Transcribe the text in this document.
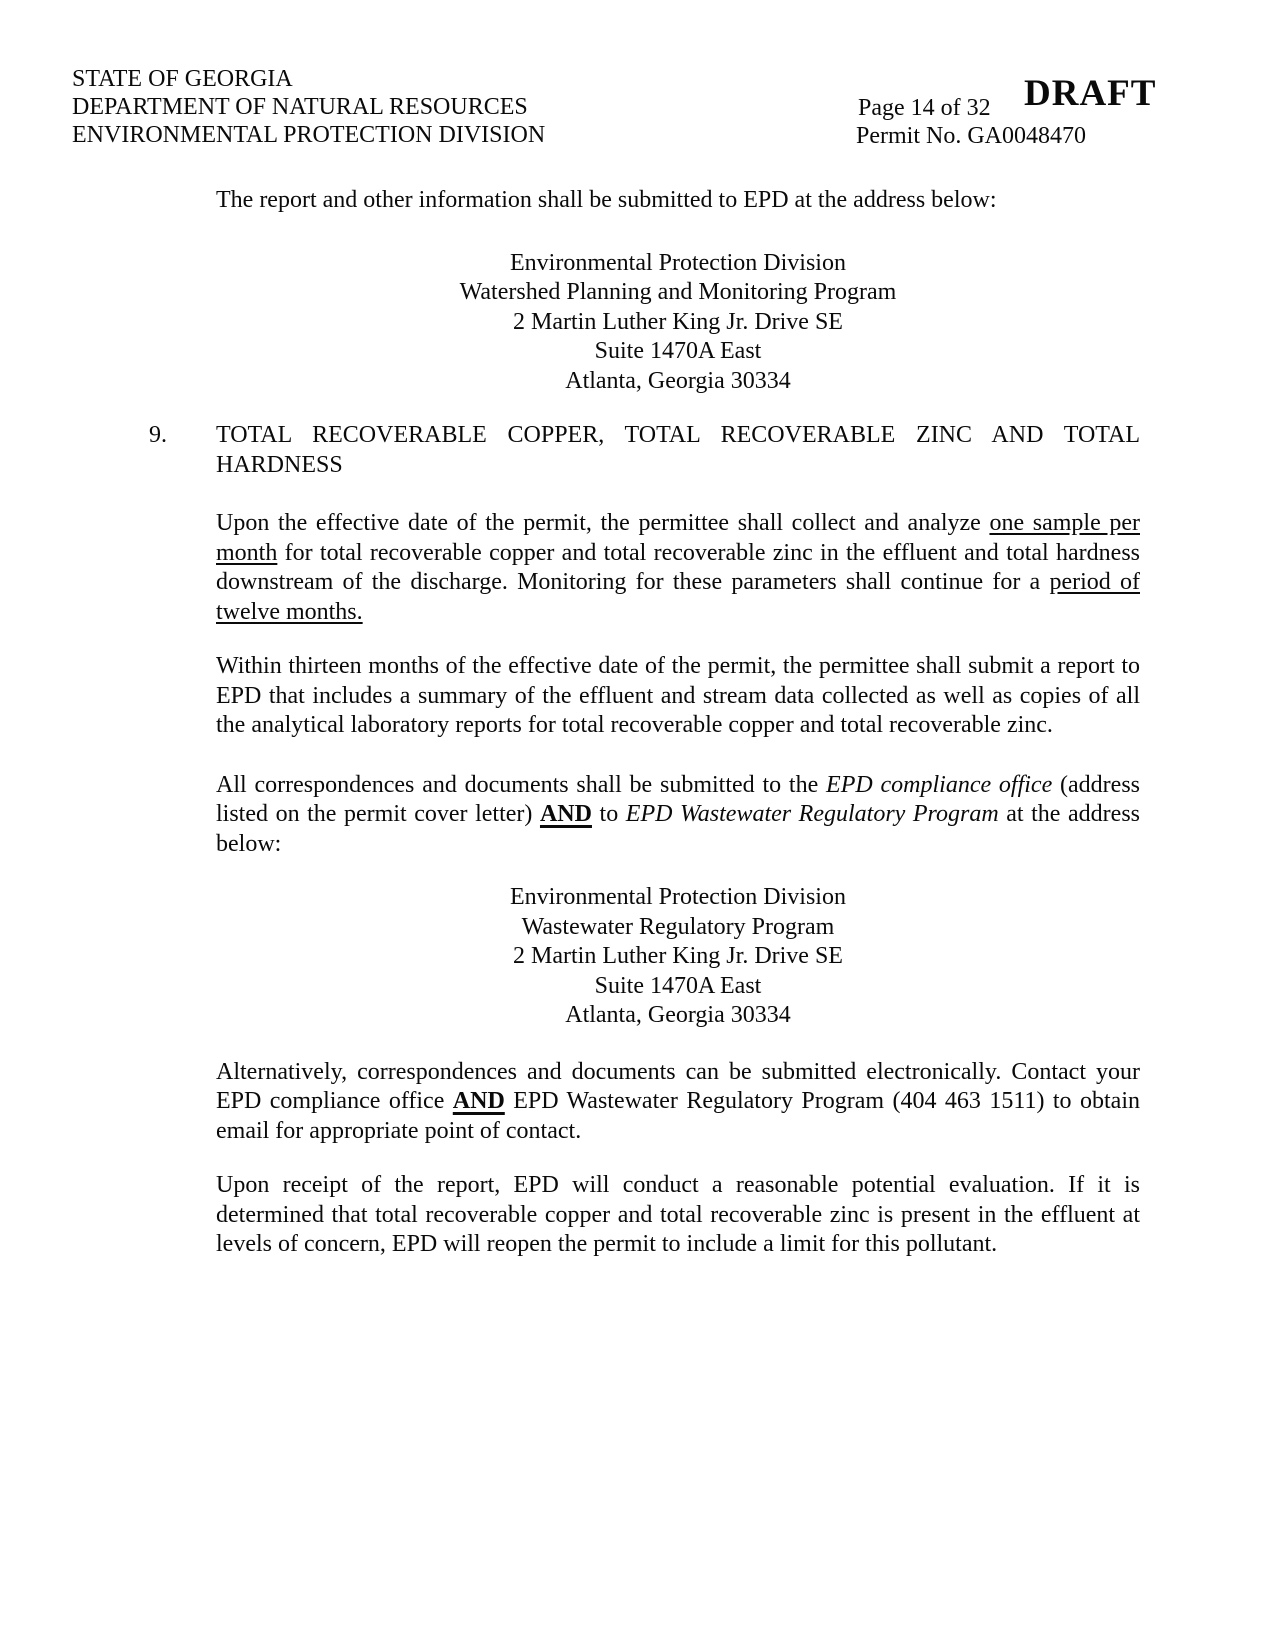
STATE OF GEORGIA
DEPARTMENT OF NATURAL RESOURCES
ENVIRONMENTAL PROTECTION DIVISION
Page 14 of 32
Permit No. GA0048470
DRAFT

The report and other information shall be submitted to EPD at the address below:

Environmental Protection Division
Watershed Planning and Monitoring Program
2 Martin Luther King Jr. Drive SE
Suite 1470A East
Atlanta, Georgia 30334
9. TOTAL RECOVERABLE COPPER, TOTAL RECOVERABLE ZINC AND TOTAL HARDNESS

Upon the effective date of the permit, the permittee shall collect and analyze one sample per month for total recoverable copper and total recoverable zinc in the effluent and total hardness downstream of the discharge. Monitoring for these parameters shall continue for a period of twelve months.

Within thirteen months of the effective date of the permit, the permittee shall submit a report to EPD that includes a summary of the effluent and stream data collected as well as copies of all the analytical laboratory reports for total recoverable copper and total recoverable zinc.

All correspondences and documents shall be submitted to the EPD compliance office (address listed on the permit cover letter) AND to EPD Wastewater Regulatory Program at the address below:

Environmental Protection Division
Wastewater Regulatory Program
2 Martin Luther King Jr. Drive SE
Suite 1470A East
Atlanta, Georgia 30334

Alternatively, correspondences and documents can be submitted electronically. Contact your EPD compliance office AND EPD Wastewater Regulatory Program (404 463 1511) to obtain email for appropriate point of contact.

Upon receipt of the report, EPD will conduct a reasonable potential evaluation. If it is determined that total recoverable copper and total recoverable zinc is present in the effluent at levels of concern, EPD will reopen the permit to include a limit for this pollutant.
